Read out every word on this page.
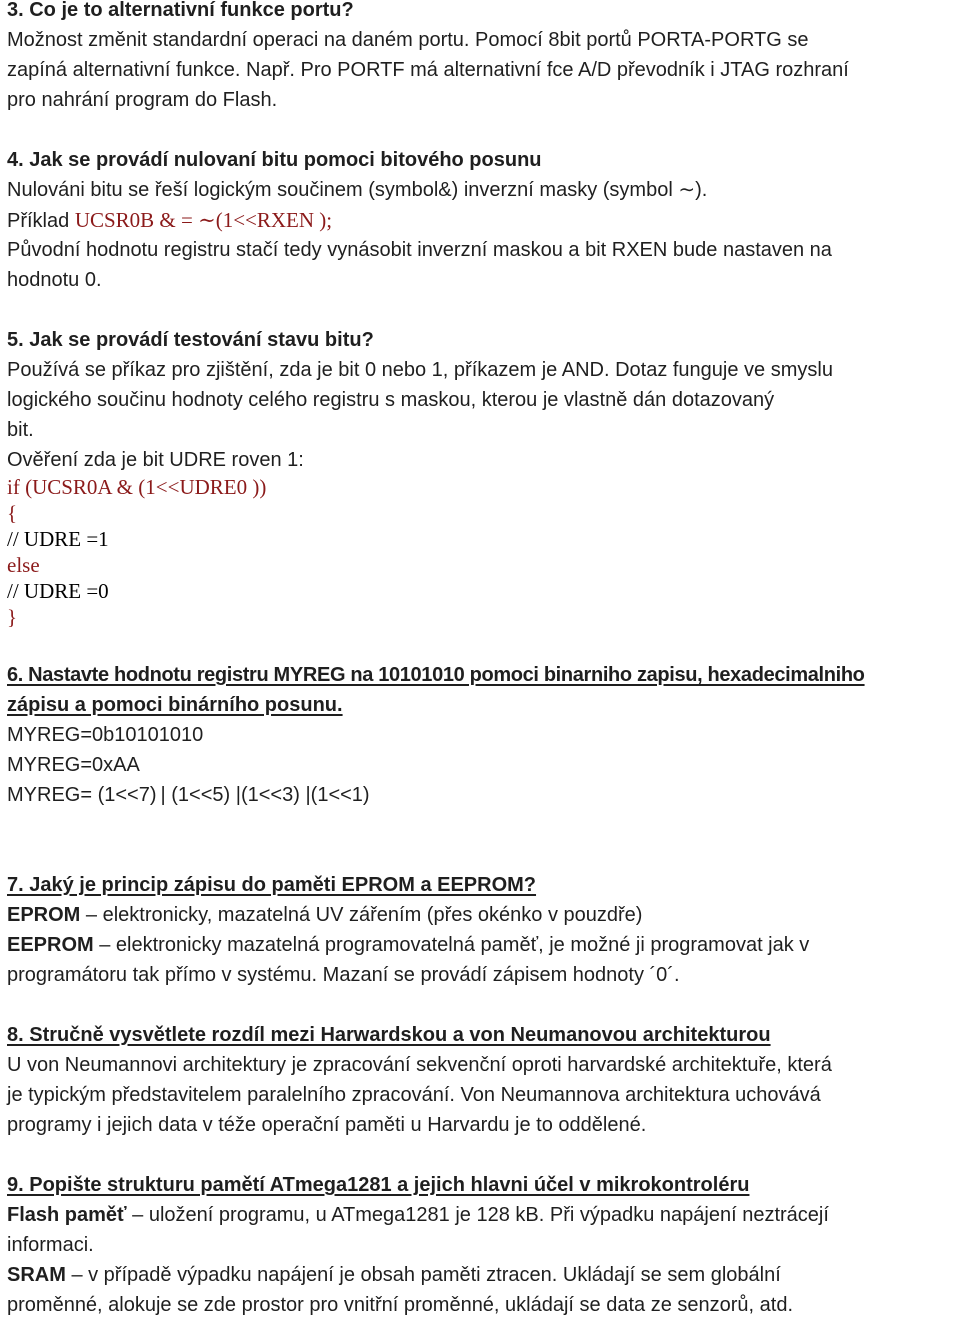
3. Co je to alternativní funkce portu?
Možnost změnit standardní operaci na daném portu. Pomocí 8bit portů PORTA-PORTG se
zapíná alternativní funkce. Např. Pro PORTF má alternativní fce A/D převodník i JTAG rozhraní
pro nahrání program do Flash.
4. Jak se provádí nulovaní bitu pomoci bitového posunu
Nulováni bitu se řeší logickým součinem (symbol&) inverzní masky (symbol ∼).
Příklad UCSR0B & = ∼(1<<RXEN );
Původní hodnotu registru stačí tedy vynásobit inverzní maskou a bit RXEN bude nastaven na
hodnotu 0.
5. Jak se provádí testování stavu bitu?
Používá se příkaz pro zjištění, zda je bit 0 nebo 1, příkazem je AND. Dotaz funguje ve smyslu
logického součinu hodnoty celého registru s maskou, kterou je vlastně dán dotazovaný
bit.
Ověření zda je bit UDRE roven 1:
if (UCSR0A & (1<<UDRE0 ))
{
// UDRE =1
else
// UDRE =0
}
6. Nastavte hodnotu registru MYREG na 10101010 pomoci binarniho zapisu, hexadecimalniho
zápisu a pomoci binárního posunu.
MYREG=0b10101010
MYREG=0xAA
MYREG= (1<<7) | (1<<5) |(1<<3) |(1<<1)
7. Jaký je princip zápisu do paměti EPROM a EEPROM?
EPROM – elektronicky, mazatelná UV zářením (přes okénko v pouzdře)
EEPROM – elektronicky mazatelná programovatelná paměť, je možné ji programovat jak v
programátoru tak přímo v systému. Mazaní se provádí zápisem hodnoty ´0´.
8. Stručně vysvětlete rozdíl mezi Harwardskou a von Neumanovou architekturou
U von Neumannovi architektury je zpracování sekvenční oproti harvardské architektuře, která
je typickým představitelem paralelního zpracování. Von Neumannova architektura uchovává
programy i jejich data v téže operační paměti u Harvardu je to oddělené.
9. Popište strukturu pamětí ATmega1281 a jejich hlavni účel v mikrokontroléru
Flash paměť – uložení programu, u ATmega1281 je 128 kB. Při výpadku napájení neztrácejí
informaci.
SRAM – v případě výpadku napájení je obsah paměti ztracen. Ukládají se sem globální
proměnné, alokuje se zde prostor pro vnitřní proměnné, ukládají se data ze senzorů, atd.
